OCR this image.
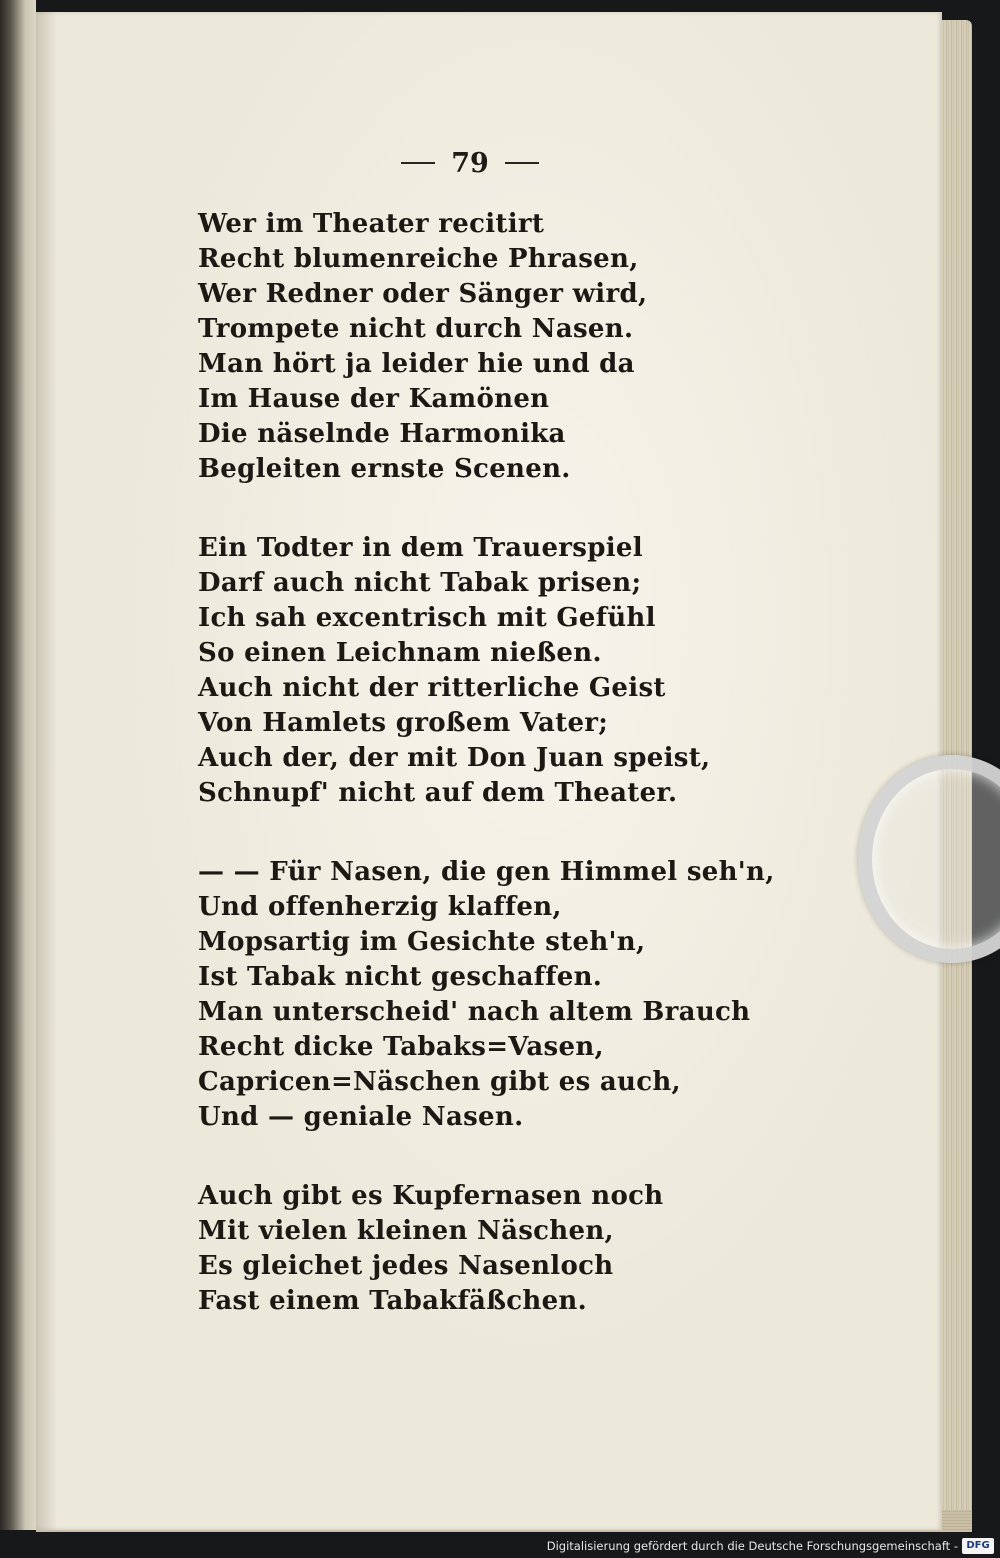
79
Wer im Theater recitirt
Recht blumenreiche Phrasen,
Wer Redner oder Sänger wird,
Trompete nicht durch Nasen.
Man hört ja leider hie und da
Im Hause der Kamönen
Die näselnde Harmonika
Begleiten ernste Scenen.
Ein Todter in dem Trauerspiel
Darf auch nicht Tabak prisen;
Ich sah excentrisch mit Gefühl
So einen Leichnam nießen.
Auch nicht der ritterliche Geist
Von Hamlets großem Vater;
Auch der, der mit Don Juan speist,
Schnupf' nicht auf dem Theater.
— — Für Nasen, die gen Himmel seh'n,
Und offenherzig klaffen,
Mopsartig im Gesichte steh'n,
Ist Tabak nicht geschaffen.
Man unterscheid' nach altem Brauch
Recht dicke Tabaks=Vasen,
Capricen=Näschen gibt es auch,
Und — geniale Nasen.
Auch gibt es Kupfernasen noch
Mit vielen kleinen Näschen,
Es gleichet jedes Nasenloch
Fast einem Tabakfäßchen.
Digitalisierung gefördert durch die Deutsche Forschungsgemeinschaft - DFG
